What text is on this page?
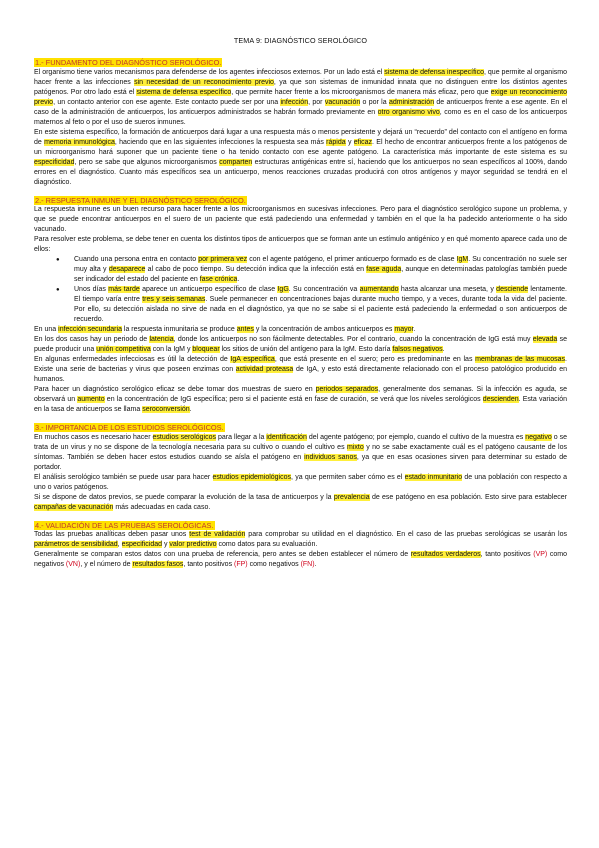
TEMA 9: DIAGNÓSTICO SEROLÓGICO
1.- FUNDAMENTO DEL DIAGNÓSTICO SEROLÓGICO.

El organismo tiene varios mecanismos para defenderse de los agentes infecciosos externos. Por un lado está el sistema de defensa inespecífico, que permite al organismo hacer frente a las infecciones sin necesidad de un reconocimiento previo, ya que son sistemas de inmunidad innata que no distinguen entre los distintos agentes patógenos. Por otro lado está el sistema de defensa específico, que permite hacer frente a los microorganismos de manera más eficaz, pero que exige un reconocimiento previo, un contacto anterior con ese agente. Este contacto puede ser por una infección, por vacunación o por la administración de anticuerpos frente a ese agente. En el caso de la administración de anticuerpos, los anticuerpos administrados se habrán formado previamente en otro organismo vivo, como es en el caso de los anticuerpos maternos al feto o por el uso de sueros inmunes.

En este sistema específico, la formación de anticuerpos dará lugar a una respuesta más o menos persistente y dejará un “recuerdo” del contacto con el antígeno en forma de memoria inmunológica, haciendo que en las siguientes infecciones la respuesta sea más rápida y eficaz. El hecho de encontrar anticuerpos frente a los patógenos de un microorganismo hará suponer que un paciente tiene o ha tenido contacto con ese agente patógeno. La característica más importante de este sistema es su especificidad, pero se sabe que algunos microorganismos comparten estructuras antigénicas entre sí, haciendo que los anticuerpos no sean específicos al 100%, dando errores en el diagnóstico. Cuanto más específicos sea un anticuerpo, menos reacciones cruzadas producirá con otros antígenos y mayor seguridad se tendrá en el diagnóstico.

2.- RESPUESTA INMUNE Y EL DIAGNÓSTICO SEROLÓGICO.

La respuesta inmune es un buen recurso para hacer frente a los microorganismos en sucesivas infecciones. Pero para el diagnóstico serológico supone un problema, y que se puede encontrar anticuerpos en el suero de un paciente que está padeciendo una enfermedad y también en el que la ha padecido anteriormente o ha sido vacunado.

Para resolver este problema, se debe tener en cuenta los distintos tipos de anticuerpos que se forman ante un estímulo antigénico y en qué momento aparece cada uno de ellos:

● Cuando una persona entra en contacto por primera vez con el agente patógeno, el primer anticuerpo formado es de clase IgM. Su concentración no suele ser muy alta y desaparece al cabo de poco tiempo. Su detección indica que la infección está en fase aguda, aunque en determinadas patologías también puede ser indicador del estado del paciente en fase crónica.
● Unos días más tarde aparece un anticuerpo específico de clase IgG. Su concentración va aumentando hasta alcanzar una meseta, y desciende lentamente. El tiempo varía entre tres y seis semanas. Suele permanecer en concentraciones bajas durante mucho tiempo, y a veces, durante toda la vida del paciente. Por ello, su detección aislada no sirve de nada en el diagnóstico, ya que no se sabe si el paciente está padeciendo la enfermedad o son anticuerpos de recuerdo.

En una infección secundaria la respuesta inmunitaria se produce antes y la concentración de ambos anticuerpos es mayor.

En los dos casos hay un periodo de latencia, donde los anticuerpos no son fácilmente detectables. Por el contrario, cuando la concentración de IgG está muy elevada se puede producir una unión competitiva con la IgM y bloquear los sitios de unión del antígeno para la IgM. Esto daría falsos negativos.

En algunas enfermedades infecciosas es útil la detección de IgA específica, que está presente en el suero; pero es predominante en las membranas de las mucosas. Existe una serie de bacterias y virus que poseen enzimas con actividad proteasa de IgA, y esto está directamente relacionado con el proceso patológico producido en humanos.

Para hacer un diagnóstico serológico eficaz se debe tomar dos muestras de suero en periodos separados, generalmente dos semanas. Si la infección es aguda, se observará un aumento en la concentración de IgG específica; pero si el paciente está en fase de curación, se verá que los niveles serológicos descienden. Esta variación en la tasa de anticuerpos se llama seroconversión.

3.- IMPORTANCIA DE LOS ESTUDIOS SEROLÓGICOS.

En muchos casos es necesario hacer estudios serológicos para llegar a la identificación del agente patógeno; por ejemplo, cuando el cultivo de la muestra es negativo o se trata de un virus y no se dispone de la tecnología necesaria para su cultivo o cuando el cultivo es mixto y no se sabe exactamente cuál es el patógeno causante de los síntomas. También se deben hacer estos estudios cuando se aísla el patógeno en individuos sanos, ya que en esas ocasiones sirven para determinar su estado de portador.

El análisis serológico también se puede usar para hacer estudios epidemiológicos, ya que permiten saber cómo es el estado inmunitario de una población con respecto a uno o varios patógenos.

Si se dispone de datos previos, se puede comparar la evolución de la tasa de anticuerpos y la prevalencia de ese patógeno en esa población. Esto sirve para establecer campañas de vacunación más adecuadas en cada caso.

4.- VALIDACIÓN DE LAS PRUEBAS SEROLÓGICAS.

Todas las pruebas analíticas deben pasar unos test de validación para comprobar su utilidad en el diagnóstico. En el caso de las pruebas serológicas se usarán los parámetros de sensibilidad, especificidad y valor predictivo como datos para su evaluación.

Generalmente se comparan estos datos con una prueba de referencia, pero antes se deben establecer el número de resultados verdaderos, tanto positivos (VP) como negativos (VN), y el número de resultados fasos, tanto positivos (FP) como negativos (FN).
